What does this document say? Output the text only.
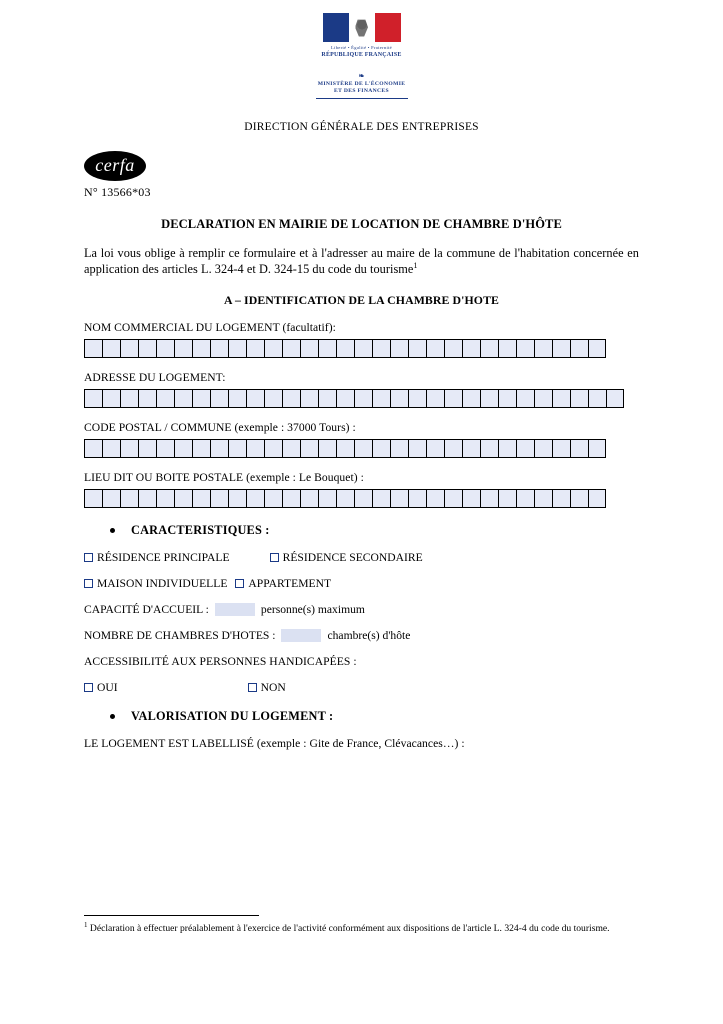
Liberté • Égalité • Fraternité
RÉPUBLIQUE FRANÇAISE
❧
MINISTÈRE DE L'ÉCONOMIE
ET DES FINANCES
DIRECTION GÉNÉRALE DES ENTREPRISES
cerfa
N° 13566*03
DECLARATION EN MAIRIE DE LOCATION DE CHAMBRE D'HÔTE
La loi vous oblige à remplir ce formulaire et à l'adresser au maire de la commune de l'habitation concernée en application des articles L. 324-4 et D. 324-15 du code du tourisme$^1$
A – IDENTIFICATION DE LA CHAMBRE D'HOTE
NOM COMMERCIAL DU LOGEMENT (facultatif):
ADRESSE DU LOGEMENT:
CODE POSTAL / COMMUNE (exemple : 37000 Tours) :
LIEU DIT OU BOITE POSTALE (exemple : Le Bouquet) :
CARACTERISTIQUES :
RÉSIDENCE PRINCIPALE	RÉSIDENCE SECONDAIRE
MAISON INDIVIDUELLE APPARTEMENT
CAPACITÉ D'ACCUEIL :	personne(s) maximum
NOMBRE DE CHAMBRES D'HOTES :	chambre(s) d'hôte
ACCESSIBILITÉ AUX PERSONNES HANDICAPÉES :
OUI	NON
VALORISATION DU LOGEMENT :
LE LOGEMENT EST LABELLISÉ (exemple : Gite de France, Clévacances…) :
$^1$ Déclaration à effectuer préalablement à l'exercice de l'activité conformément aux dispositions de l'article L. 324-4 du code du tourisme.
